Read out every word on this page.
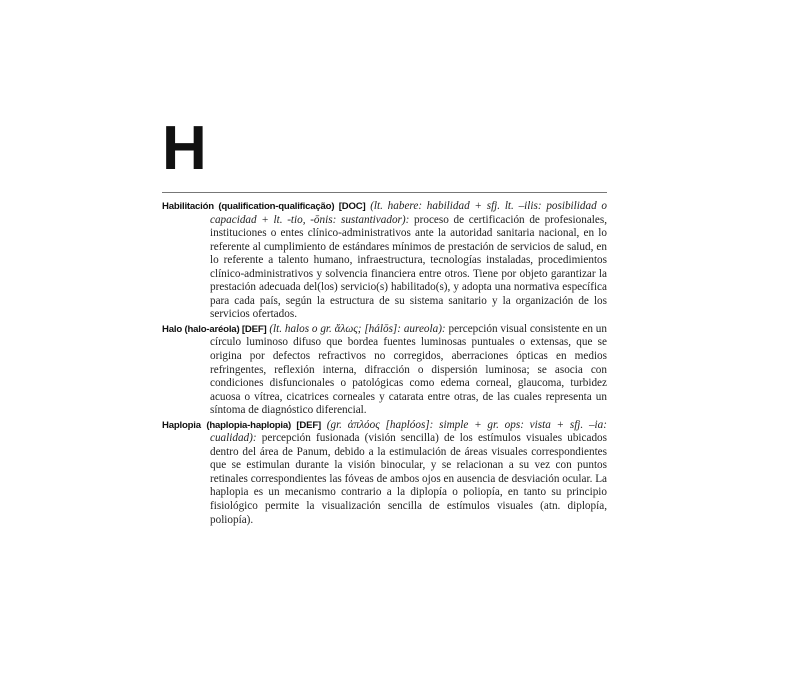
H

Habilitación (qualification-qualificação) [DOC] (lt. habere: habilidad + sfj. lt. –ilis: posibilidad o capacidad + lt. -tio, -ōnis: sustantivador): proceso de certificación de profesionales, instituciones o entes clínico-administrativos ante la autoridad sanitaria nacional, en lo referente al cumplimiento de estándares mínimos de prestación de servicios de salud, en lo referente a talento humano, infraestructura, tecnologías instaladas, procedimientos clínico-administrativos y solvencia financiera entre otros. Tiene por objeto garantizar la prestación adecuada del(los) servicio(s) habilitado(s), y adopta una normativa específica para cada país, según la estructura de su sistema sanitario y la organización de los servicios ofertados.

Halo (halo-aréola) [DEF] (lt. halos o gr. ἅλως; [hálōs]: aureola): percepción visual consistente en un círculo luminoso difuso que bordea fuentes luminosas puntuales o extensas, que se origina por defectos refractivos no corregidos, aberraciones ópticas en medios refringentes, reflexión interna, difracción o dispersión luminosa; se asocia con condiciones disfuncionales o patológicas como edema corneal, glaucoma, turbidez acuosa o vítrea, cicatrices corneales y catarata entre otras, de las cuales representa un síntoma de diagnóstico diferencial.

Haplopia (haplopia-haplopia) [DEF] (gr. ἁπλόος [haplóos]: simple + gr. ops: vista + sfj. –ia: cualidad): percepción fusionada (visión sencilla) de los estímulos visuales ubicados dentro del área de Panum, debido a la estimulación de áreas visuales correspondientes que se estimulan durante la visión binocular, y se relacionan a su vez con puntos retinales correspondientes las fóveas de ambos ojos en ausencia de desviación ocular. La haplopia es un mecanismo contrario a la diplopía o poliopía, en tanto su principio fisiológico permite la visualización sencilla de estímulos visuales (atn. diplopía, poliopía).
